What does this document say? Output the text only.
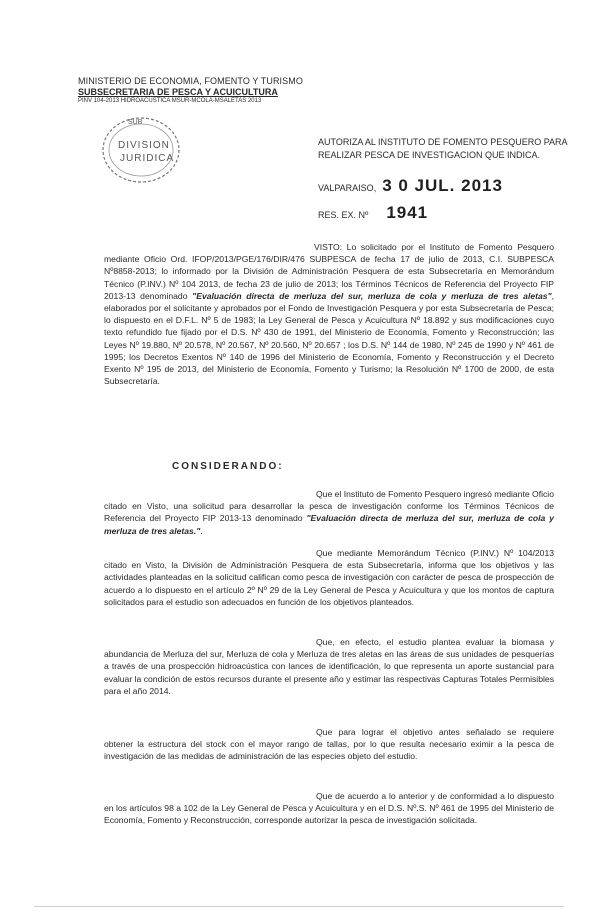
MINISTERIO DE ECONOMIA, FOMENTO Y TURISMO
SUBSECRETARIA DE PESCA Y ACUICULTURA
PINV 104-2013 HIDROACUSTICA MSUR-MCOLA-MSALETAS 2013
SUB
DIVISION
JURIDICA
AUTORIZA AL INSTITUTO DE FOMENTO PESQUERO PARA REALIZAR PESCA DE INVESTIGACION QUE INDICA.
VALPARAISO, 3 0 JUL. 2013
RES. EX. Nº 1941
VISTO: Lo solicitado por el Instituto de Fomento Pesquero mediante Oficio Ord. IFOP/2013/PGE/176/DIR/476 SUBPESCA de fecha 17 de julio de 2013, C.I. SUBPESCA Nº8858-2013; lo informado por la División de Administración Pesquera de esta Subsecretaría en Memorándum Técnico (P.INV.) Nº 104 2013, de fecha 23 de julio de 2013; los Términos Técnicos de Referencia del Proyecto FIP 2013-13 denominado "Evaluación directa de merluza del sur, merluza de cola y merluza de tres aletas", elaborados por el solicitante y aprobados por el Fondo de Investigación Pesquera y por esta Subsecretaría de Pesca; lo dispuesto en el D.F.L. Nº 5 de 1983; la Ley General de Pesca y Acuicultura Nº 18.892 y sus modificaciones cuyo texto refundido fue fijado por el D.S. Nº 430 de 1991, del Ministerio de Economía, Fomento y Reconstrucción; las Leyes Nº 19.880, Nº 20.578, Nº 20.567, Nº 20.560, Nº 20.657 ; los D.S. Nº 144 de 1980, Nº 245 de 1990 y Nº 461 de 1995; los Decretos Exentos Nº 140 de 1996 del Ministerio de Economía, Fomento y Reconstrucción y el Decreto Exento Nº 195 de 2013, del Ministerio de Economía, Fomento y Turismo; la Resolución Nº 1700 de 2000, de esta Subsecretaría.
CONSIDERANDO:
Que el Instituto de Fomento Pesquero ingresó mediante Oficio citado en Visto, una solicitud para desarrollar la pesca de investigación conforme los Términos Técnicos de Referencia del Proyecto FIP 2013-13 denominado "Evaluación directa de merluza del sur, merluza de cola y merluza de tres aletas.".
Que mediante Memorándum Técnico (P.INV.) Nº 104/2013 citado en Visto, la División de Administración Pesquera de esta Subsecretaría, informa que los objetivos y las actividades planteadas en la solicitud califican como pesca de investigación con carácter de pesca de prospección de acuerdo a lo dispuesto en el artículo 2º Nº 29 de la Ley General de Pesca y Acuicultura y que los montos de captura solicitados para el estudio son adecuados en función de los objetivos planteados.
Que, en efecto, el estudio plantea evaluar la biomasa y abundancia de Merluza del sur, Merluza de cola y Merluza de tres aletas en las áreas de sus unidades de pesquerías a través de una prospección hidroacústica con lances de identificación, lo que representa un aporte sustancial para evaluar la condición de estos recursos durante el presente año y estimar las respectivas Capturas Totales Permisibles para el año 2014.
Que para lograr el objetivo antes señalado se requiere obtener la estructura del stock con el mayor rango de tallas, por lo que resulta necesario eximir a la pesca de investigación de las medidas de administración de las especies objeto del estudio.
Que de acuerdo a lo anterior y de conformidad a lo dispuesto en los artículos 98 a 102 de la Ley General de Pesca y Acuicultura y en el D.S. Nº.S. Nº 461 de 1995 del Ministerio de Economía, Fomento y Reconstrucción, corresponde autorizar la pesca de investigación solicitada.
